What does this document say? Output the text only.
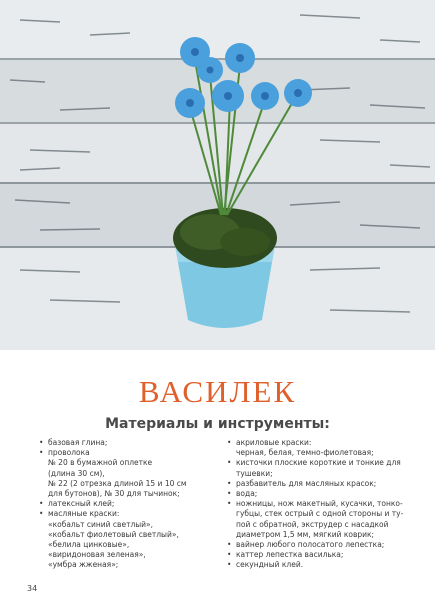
ВАСИЛЕК
Материалы и инструменты:
• базовая глина;
• проволока
№ 20 в бумажной оплетке
(длина 30 см),
№ 22 (2 отрезка длиной 15 и 10 см
для бутонов), № 30 для тычинок;
• латексный клей;
• масляные краски:
«кобальт синий светлый»,
«кобальт фиолетовый светлый»,
«белила цинковые»,
«виридоновая зеленая»,
«умбра жженая»;
• акриловые краски:
черная, белая, темно-фиолетовая;
• кисточки плоские короткие и тонкие для
тушевки;
• разбавитель для масляных красок;
• вода;
• ножницы, нож макетный, кусачки, тонко-
губцы, стек острый с одной стороны и ту-
пой с обратной, экструдер с насадкой
диаметром 1,5 мм, мягкий коврик;
• вайнер любого полосатого лепестка;
• каттер лепестка василька;
• секундный клей.
34
